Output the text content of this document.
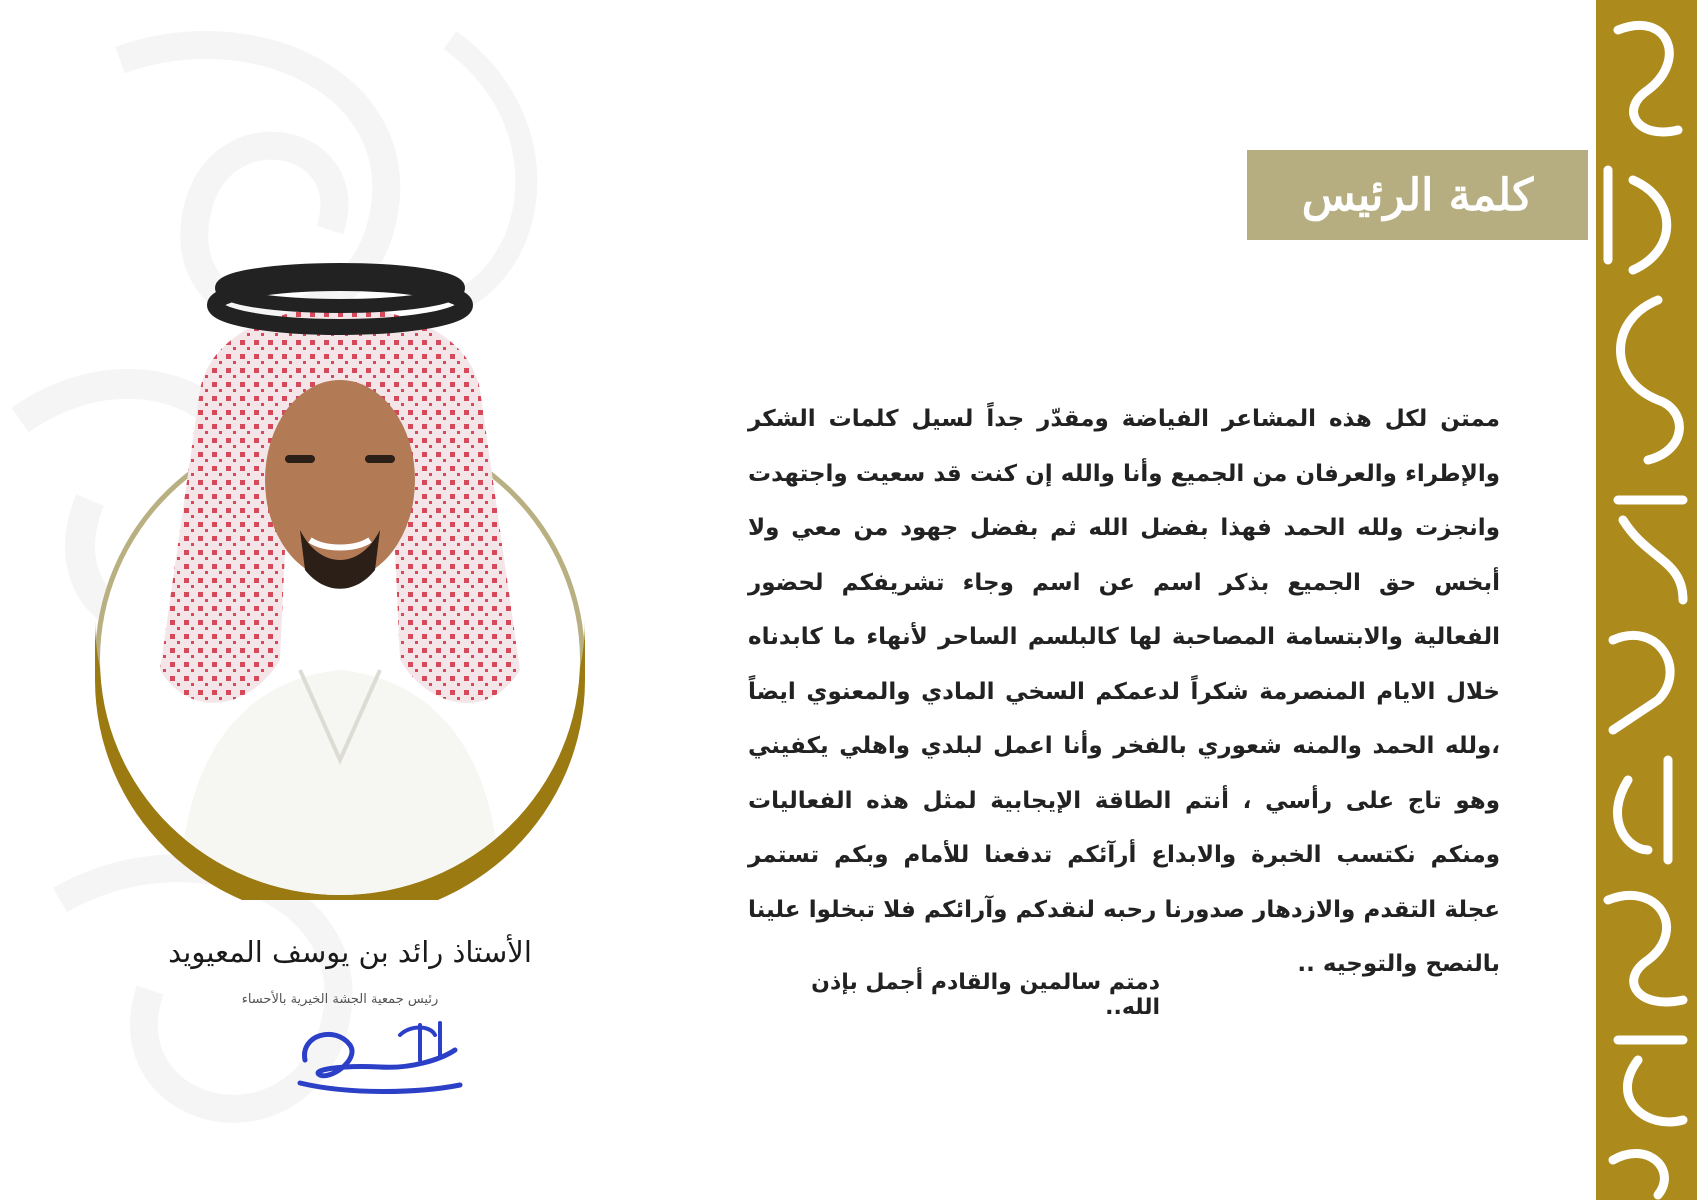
كلمة الرئيس
ممتن لكل هذه المشاعر الفياضة ومقدّر جداً لسيل كلمات الشكر والإطراء والعرفان من الجميع وأنا والله إن كنت قد سعيت واجتهدت وانجزت ولله الحمد فهذا بفضل الله ثم بفضل جهود من معي ولا أبخس حق الجميع بذكر اسم عن اسم وجاء تشريفكم لحضور الفعالية والابتسامة المصاحبة لها كالبلسم الساحر لأنهاء ما كابدناه خلال الايام المنصرمة شكراً لدعمكم السخي المادي والمعنوي ايضاً ،ولله الحمد والمنه شعوري بالفخر وأنا اعمل لبلدي واهلي يكفيني وهو تاج على رأسي ، أنتم الطاقة الإيجابية لمثل هذه الفعاليات ومنكم نكتسب الخبرة والابداع أرآئكم تدفعنا للأمام وبكم تستمر عجلة التقدم والازدهار صدورنا رحبه لنقدكم وآرائكم فلا تبخلوا علينا بالنصح والتوجيه ..
دمتم سالمين والقادم أجمل بإذن الله..
الأستاذ رائد بن يوسف المعيويد
رئيس جمعية الجشة الخيرية بالأحساء
